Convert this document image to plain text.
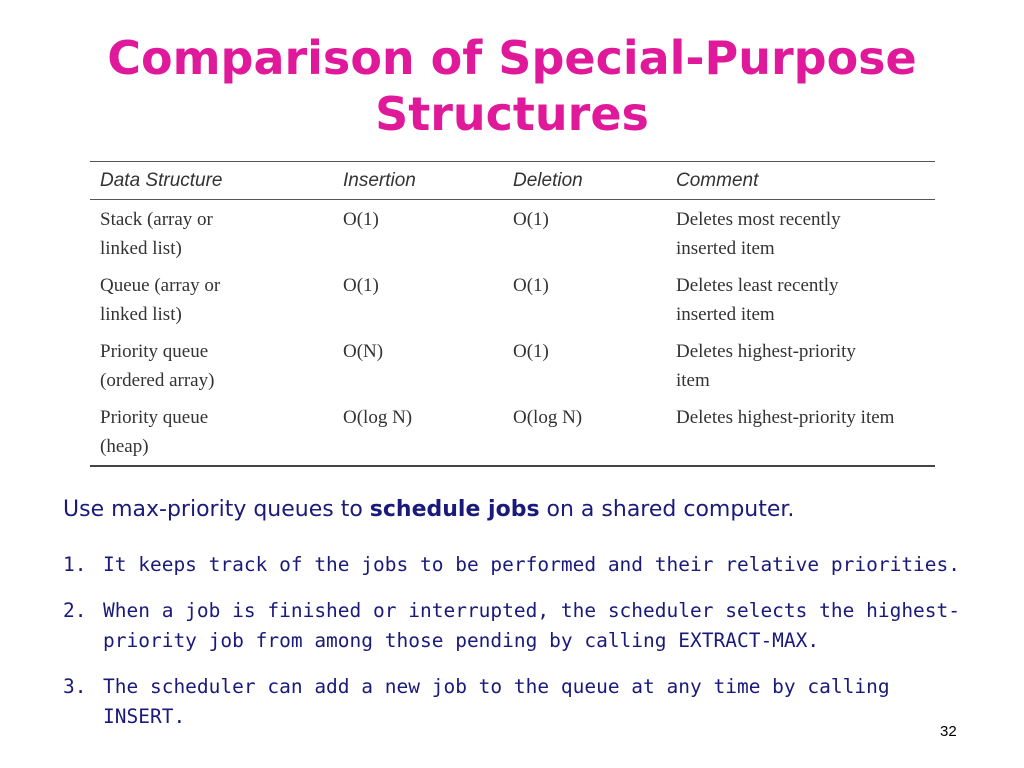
Comparison of Special-Purpose
Structures
Data Structure	Insertion	Deletion	Comment

Stack (array or
linked list)	O(1)	O(1)	Deletes most recently
inserted item

Queue (array or
linked list)	O(1)	O(1)	Deletes least recently
inserted item

Priority queue
(ordered array)	O(N)	O(1)	Deletes highest-priority
item

Priority queue
(heap)	O(log N)	O(log N)	Deletes highest-priority item
Use max-priority queues to schedule jobs on a shared computer.
1. It keeps track of the jobs to be performed and their relative priorities.
2. When a job is finished or interrupted, the scheduler selects the highest-
priority job from among those pending by calling EXTRACT-MAX.
3. The scheduler can add a new job to the queue at any time by calling
INSERT.
32
